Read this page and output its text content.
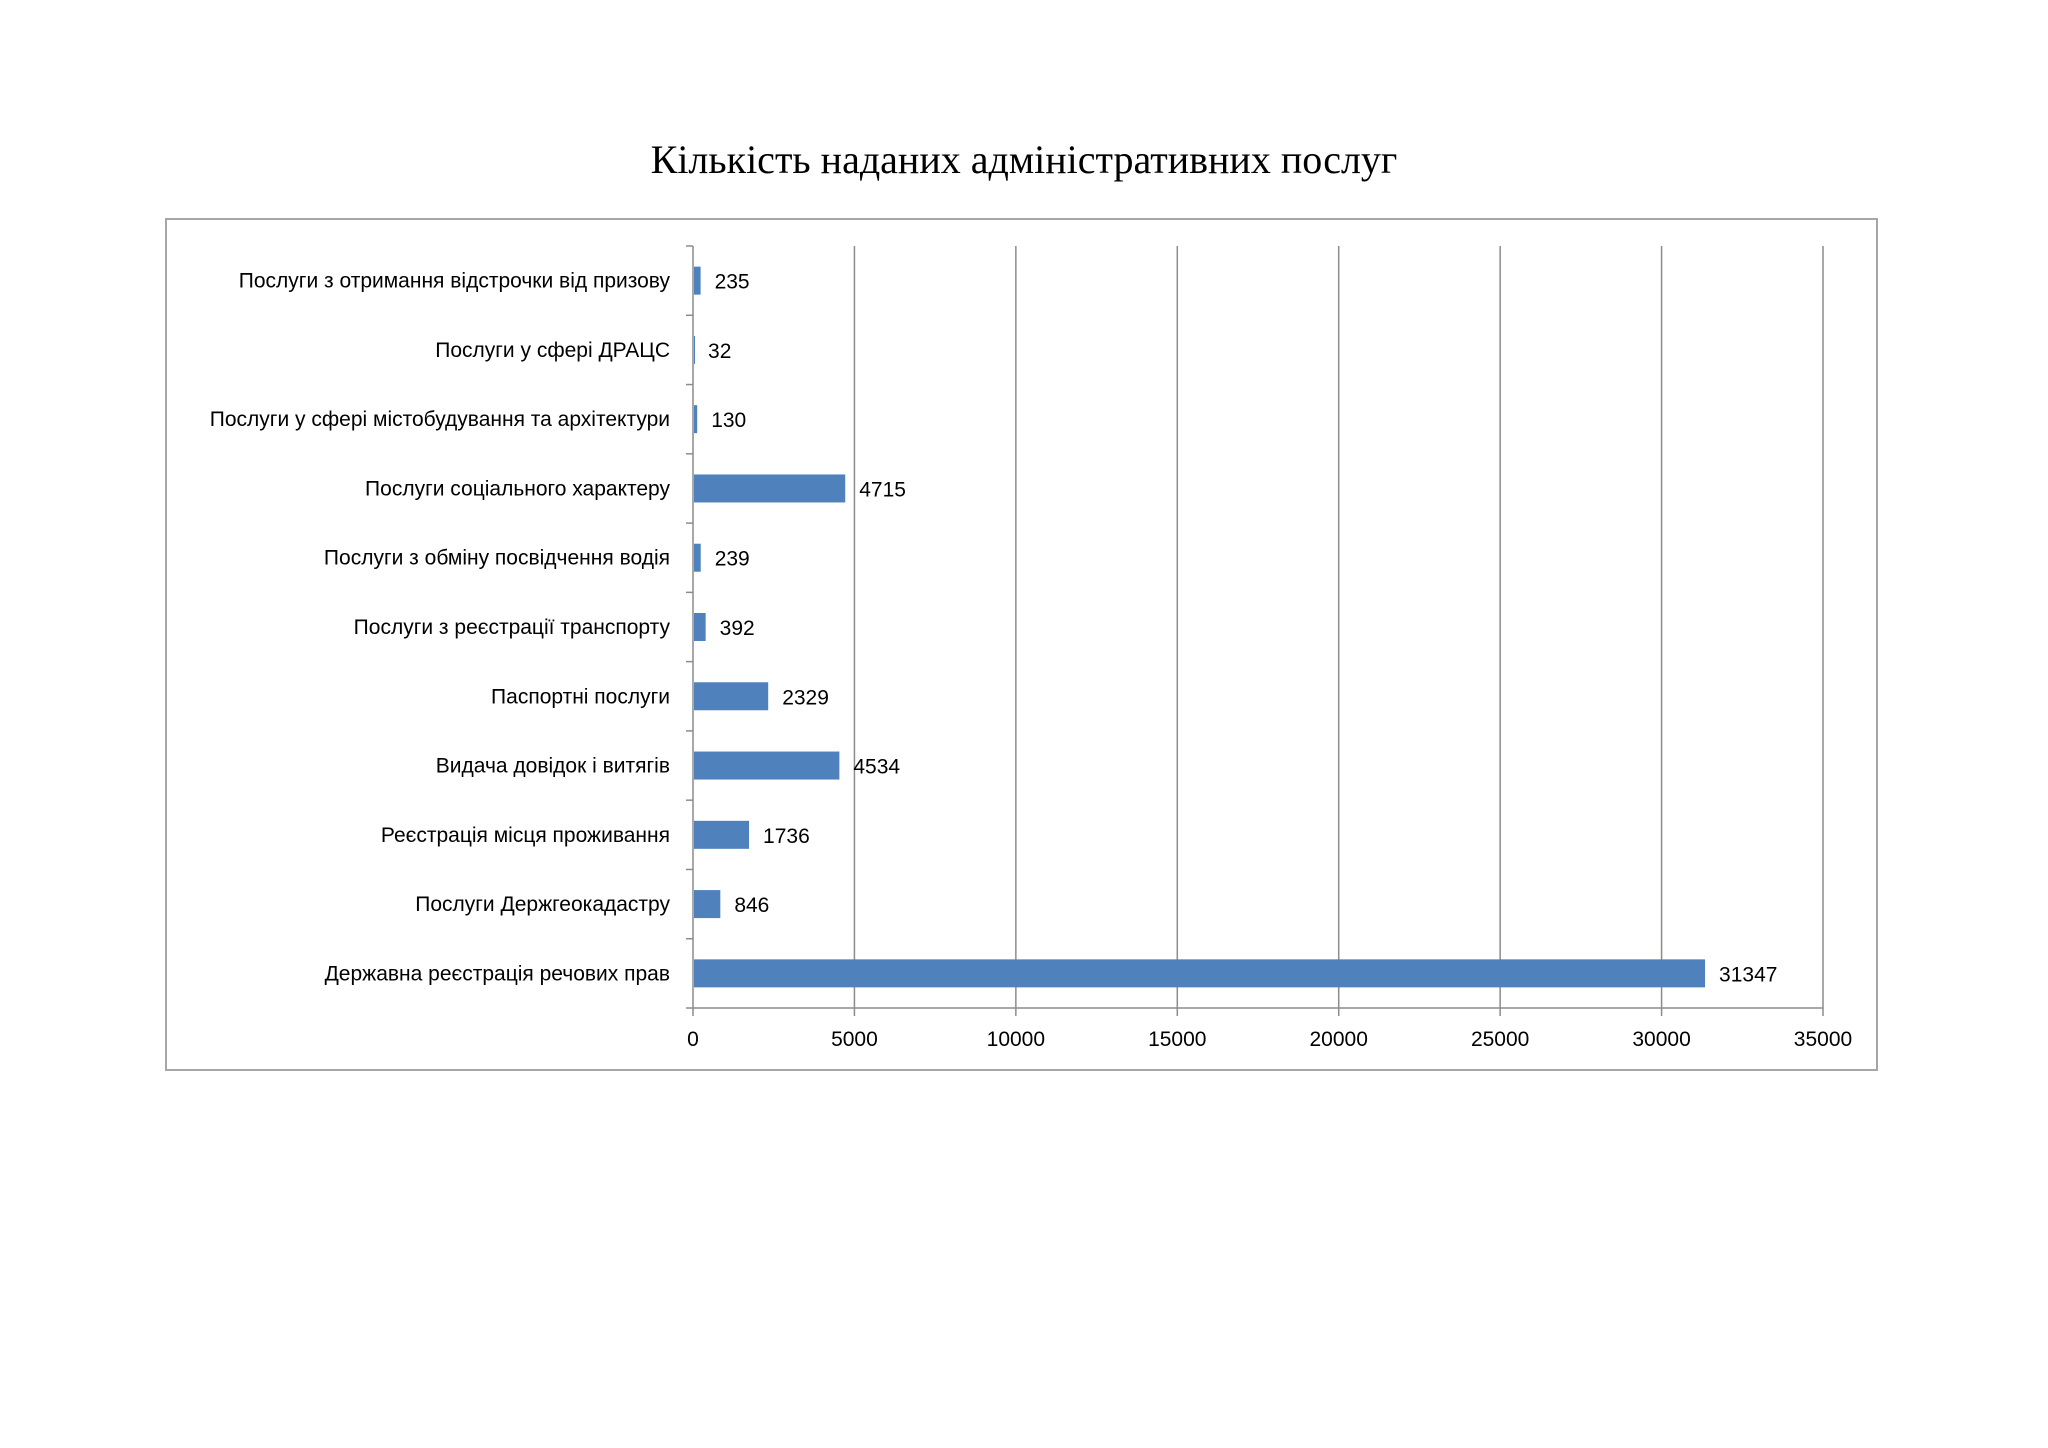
Кількість наданих адміністративних послуг
0	5000	10000	15000	20000	25000	30000	35000
Державна реєстрація речових прав	31347
Послуги Держгеокадастру	846
Реєстрація місця проживання	1736
Видача довідок і витягів	4534
Паспортні послуги	2329
Послуги з реєстрації транспорту 392
Послуги з обміну посвідчення водія 239
Послуги соціального характеру	4715
Послуги у сфері містобудування та архітектури 130
Послуги у сфері ДРАЦС 32
Послуги з отримання відстрочки від призову 235
